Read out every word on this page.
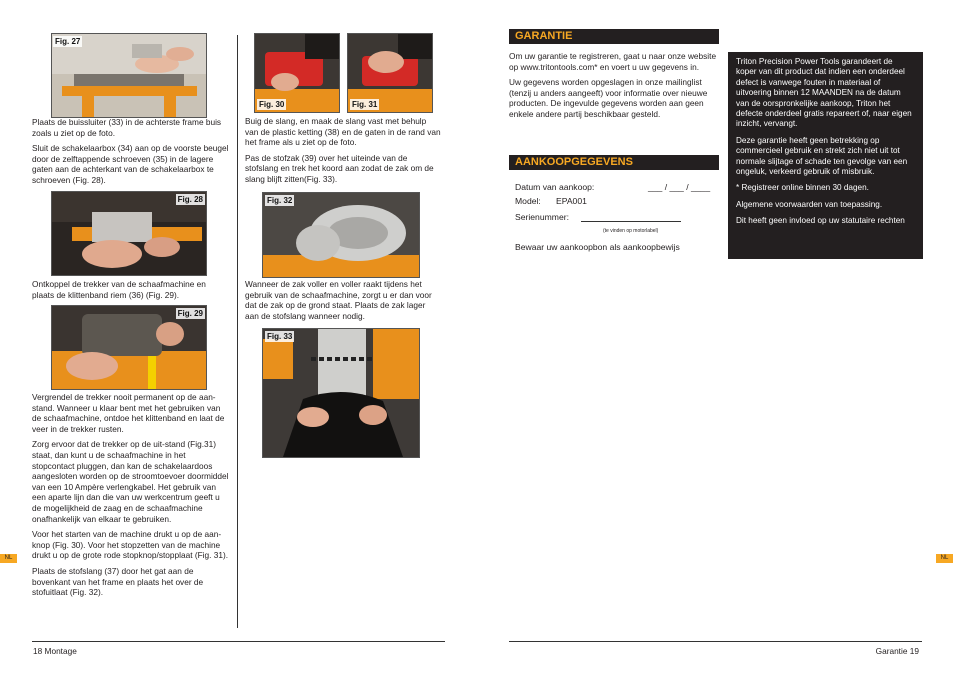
Fig. 27

Plaats de buissluiter (33) in de achterste frame buis zoals u ziet op de foto.

Sluit de schakelaarbox (34) aan op de voorste beugel door de zelftappende schroeven (35) in de lagere gaten aan de achterkant van de schakelaarbox te schroeven (Fig. 28).

Fig. 28

Ontkoppel de trekker van de schaafmachine en plaats de klittenband riem (36) (Fig. 29).

Fig. 29

Vergrendel de trekker nooit permanent op de aan-stand. Wanneer u klaar bent met het gebruiken van de schaafmachine, ontdoe het klittenband en laat de veer in de trekker rusten.

Zorg ervoor dat de trekker op de uit-stand (Fig.31) staat, dan kunt u de schaafmachine in het stopcontact pluggen, dan kan de schakelaardoos aangesloten worden op de stroomtoevoer doormiddel van een 10 Ampère verlengkabel. Het gebruik van een aparte lijn dan die van uw werkcentrum geeft u de mogelijkheid de zaag en de schaafmachine onafhankelijk van elkaar te gebruiken.

Voor het starten van de machine drukt u op de aan-knop (Fig. 30). Voor het stopzetten van de machine drukt u op de grote rode stopknop/stopplaat (Fig. 31).

Plaats de stofslang (37) door het gat aan de bovenkant van het frame en plaats het over de stofuitlaat (Fig. 32).

Fig. 30	Fig. 31

Buig de slang, en maak de slang vast met behulp van de plastic ketting (38) en de gaten in de rand van het frame als u ziet op de foto.

Pas de stofzak (39) over het uiteinde van de stofslang en trek het koord aan zodat de zak om de slang blijft zitten(Fig. 33).

Fig. 32

Wanneer de zak voller en voller raakt tijdens het gebruik van de schaafmachine, zorgt u er dan voor dat de zak op de grond staat. Plaats de zak lager aan de stofslang wanneer nodig.

Fig. 33
18 Montage
NL
GARANTIE

Om uw garantie te registreren, gaat u naar onze website op www.tritontools.com* en voert u uw gegevens in.

Uw gegevens worden opgeslagen in onze mailinglist (tenzij u anders aangeeft) voor informatie over nieuwe producten. De ingevulde gegevens worden aan geen enkele andere partij beschikbaar gesteld.

AANKOOPGEGEVENS
Datum van aankoop:	___ / ___ / ____
Model: EPA001
Serienummer:
(te vinden op motorlabel)
Bewaar uw aankoopbon als aankoopbewijs

Triton Precision Power Tools garandeert de koper van dit product dat indien een onderdeel defect is vanwege fouten in materiaal of uitvoering binnen 12 MAANDEN na de datum van de oorspronkelijke aankoop, Triton het defecte onderdeel gratis repareert of, naar eigen inzicht, vervangt.

Deze garantie heeft geen betrekking op commercieel gebruik en strekt zich niet uit tot normale slijtage of schade ten gevolge van een ongeluk, verkeerd gebruik of misbruik.

* Registreer online binnen 30 dagen.

Algemene voorwaarden van toepassing.

Dit heeft geen invloed op uw statutaire rechten

Garantie 19
NL
